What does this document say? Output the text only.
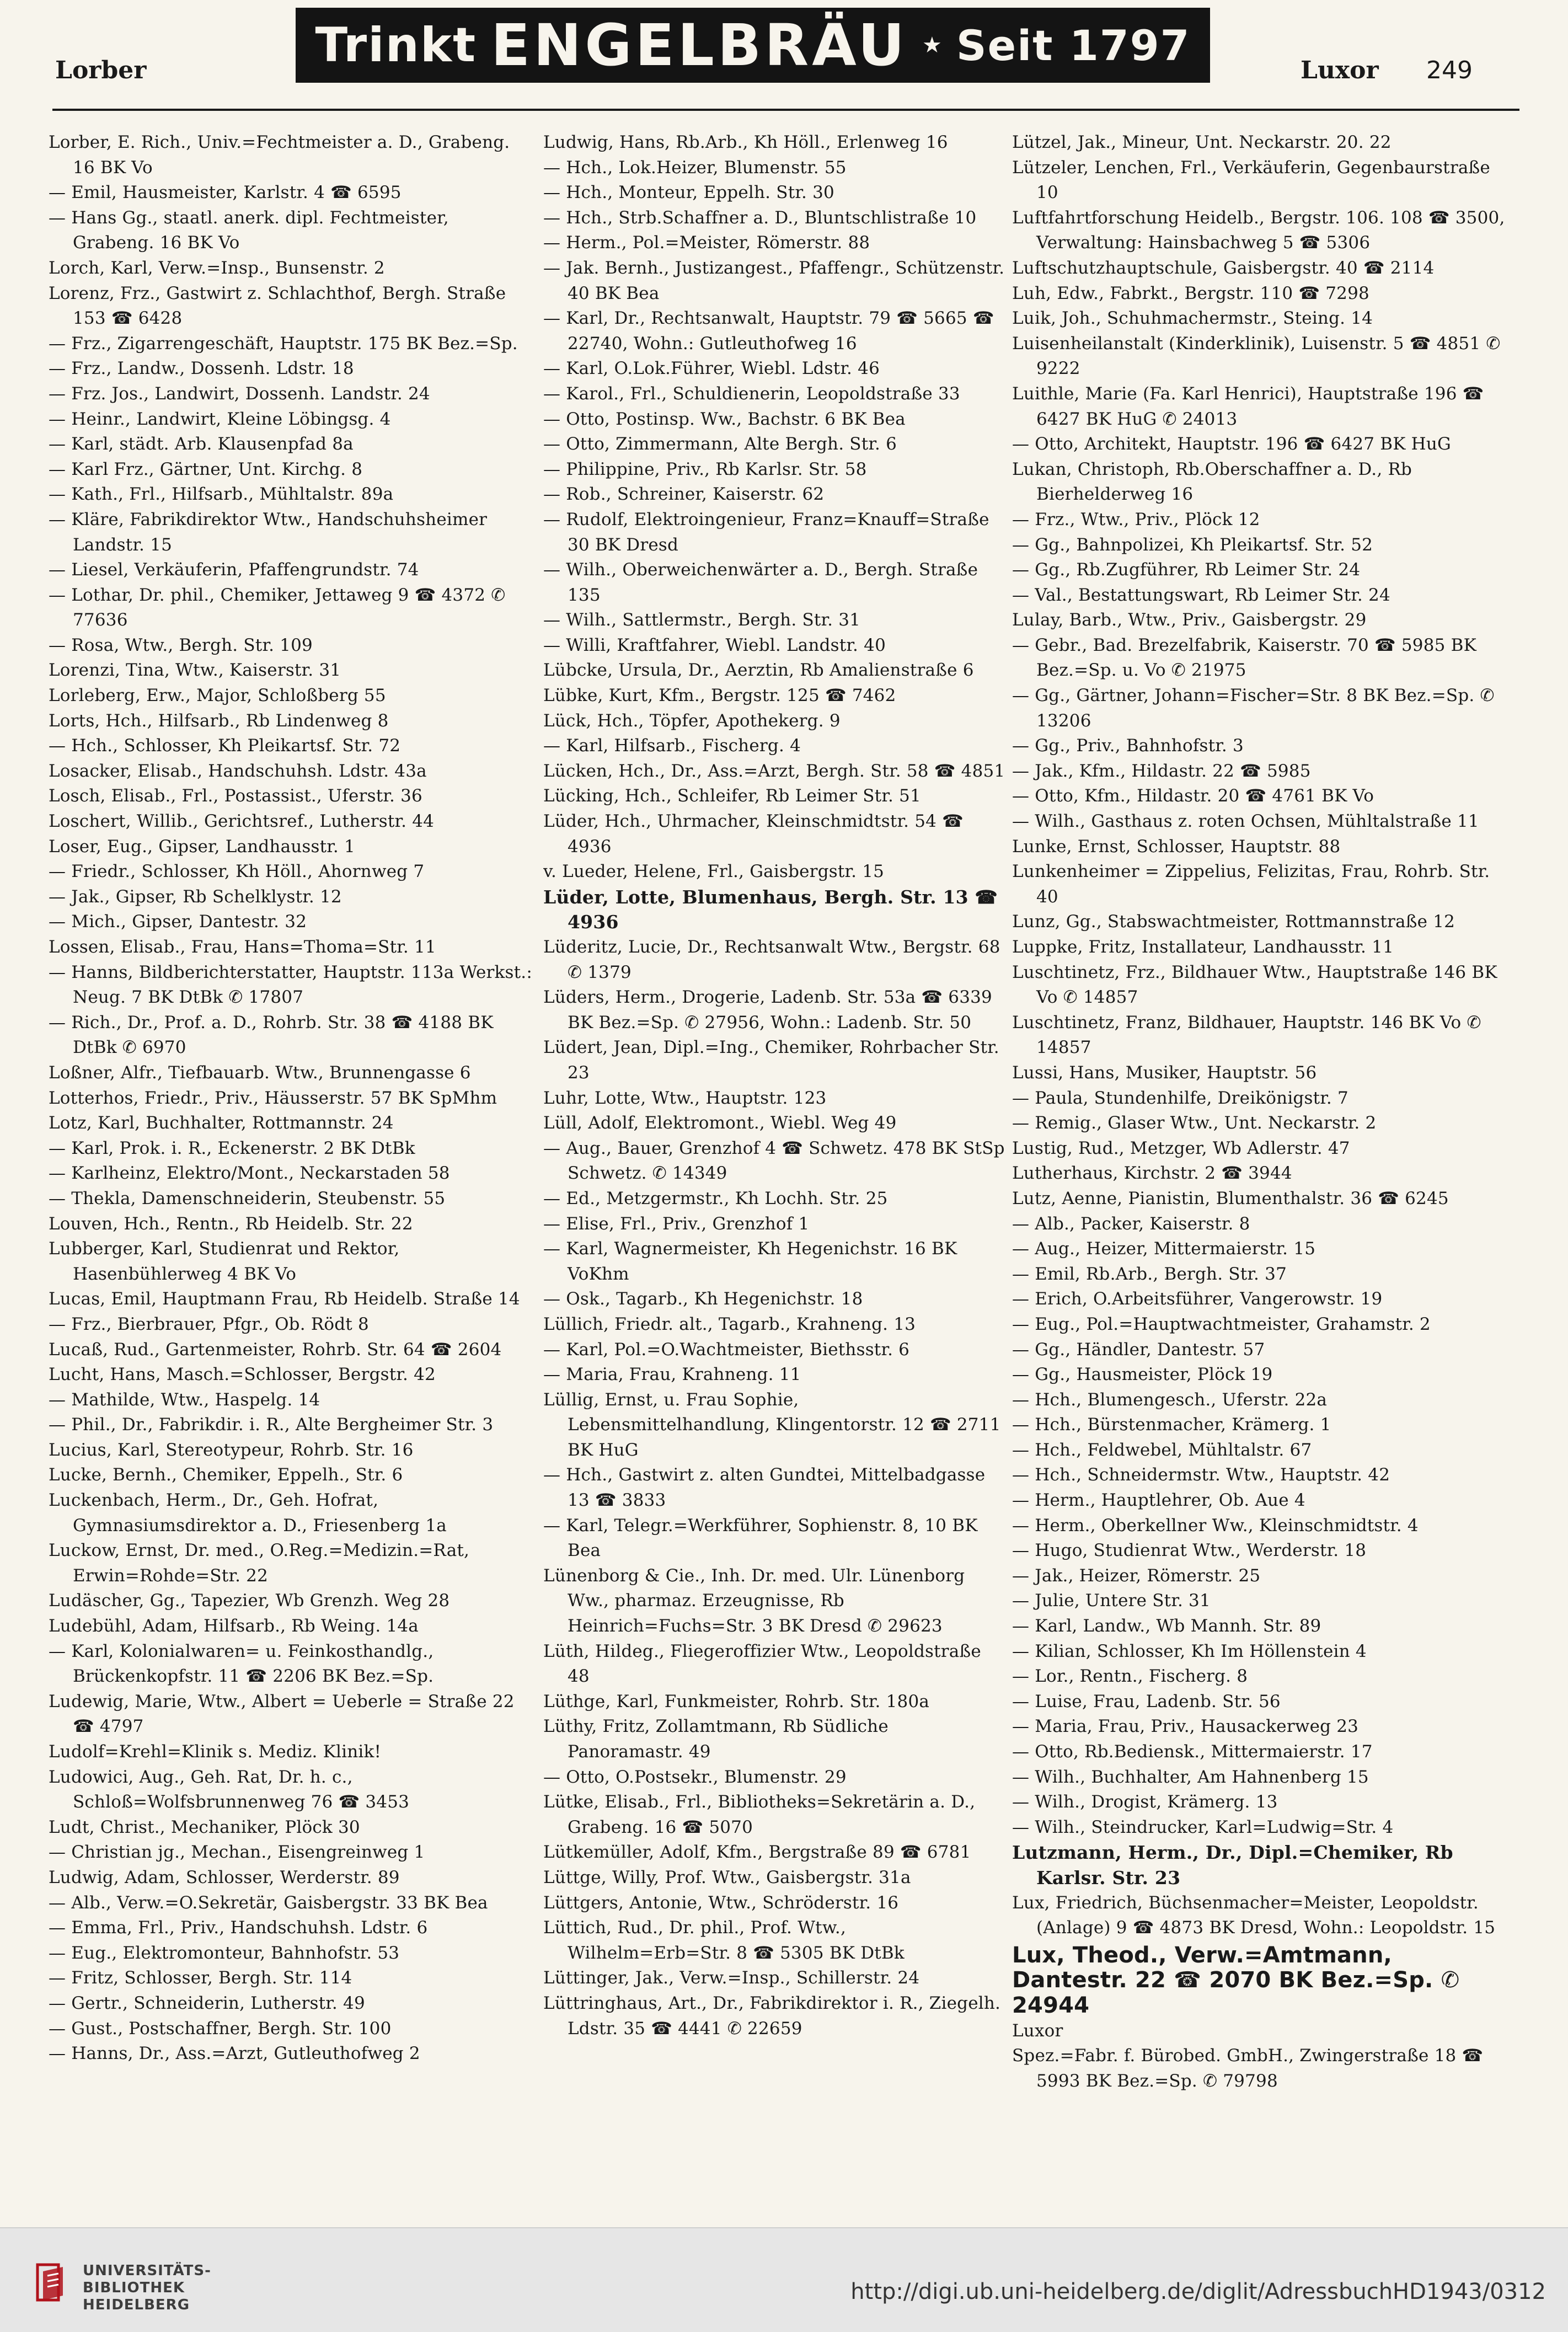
Trinkt ENGELBRÄU ★ Seit 1797
Lorber	Luxor 249

Lorber, E. Rich., Univ.=Fechtmeister a. D., Grabeng. 16 BK Vo

— Emil, Hausmeister, Karlstr. 4 ☎ 6595

— Hans Gg., staatl. anerk. dipl. Fechtmeister, Grabeng. 16 BK Vo

Lorch, Karl, Verw.=Insp., Bunsenstr. 2

Lorenz, Frz., Gastwirt z. Schlachthof, Bergh. Straße 153 ☎ 6428

— Frz., Zigarrengeschäft, Hauptstr. 175 BK Bez.=Sp.

— Frz., Landw., Dossenh. Ldstr. 18

— Frz. Jos., Landwirt, Dossenh. Landstr. 24

— Heinr., Landwirt, Kleine Löbingsg. 4

— Karl, städt. Arb. Klausenpfad 8a

— Karl Frz., Gärtner, Unt. Kirchg. 8

— Kath., Frl., Hilfsarb., Mühltalstr. 89a

— Kläre, Fabrikdirektor Wtw., Handschuhsheimer Landstr. 15

— Liesel, Verkäuferin, Pfaffengrundstr. 74

— Lothar, Dr. phil., Chemiker, Jettaweg 9 ☎ 4372 ✆ 77636

— Rosa, Wtw., Bergh. Str. 109

Lorenzi, Tina, Wtw., Kaiserstr. 31

Lorleberg, Erw., Major, Schloßberg 55

Lorts, Hch., Hilfsarb., Rb Lindenweg 8

— Hch., Schlosser, Kh Pleikartsf. Str. 72

Losacker, Elisab., Handschuhsh. Ldstr. 43a

Losch, Elisab., Frl., Postassist., Uferstr. 36

Loschert, Willib., Gerichtsref., Lutherstr. 44

Loser, Eug., Gipser, Landhausstr. 1

— Friedr., Schlosser, Kh Höll., Ahornweg 7

— Jak., Gipser, Rb Schelklystr. 12

— Mich., Gipser, Dantestr. 32

Lossen, Elisab., Frau, Hans=Thoma=Str. 11

— Hanns, Bildberichterstatter, Hauptstr. 113a Werkst.: Neug. 7 BK DtBk ✆ 17807

— Rich., Dr., Prof. a. D., Rohrb. Str. 38 ☎ 4188 BK DtBk ✆ 6970

Loßner, Alfr., Tiefbauarb. Wtw., Brunnengasse 6

Lotterhos, Friedr., Priv., Häusserstr. 57 BK SpMhm

Lotz, Karl, Buchhalter, Rottmannstr. 24

— Karl, Prok. i. R., Eckenerstr. 2 BK DtBk

— Karlheinz, Elektro/Mont., Neckarstaden 58

— Thekla, Damenschneiderin, Steubenstr. 55

Louven, Hch., Rentn., Rb Heidelb. Str. 22

Lubberger, Karl, Studienrat und Rektor, Hasenbühlerweg 4 BK Vo

Lucas, Emil, Hauptmann Frau, Rb Heidelb. Straße 14

— Frz., Bierbrauer, Pfgr., Ob. Rödt 8

Lucaß, Rud., Gartenmeister, Rohrb. Str. 64 ☎ 2604

Lucht, Hans, Masch.=Schlosser, Bergstr. 42

— Mathilde, Wtw., Haspelg. 14

— Phil., Dr., Fabrikdir. i. R., Alte Bergheimer Str. 3

Lucius, Karl, Stereotypeur, Rohrb. Str. 16

Lucke, Bernh., Chemiker, Eppelh., Str. 6

Luckenbach, Herm., Dr., Geh. Hofrat, Gymnasiumsdirektor a. D., Friesenberg 1a

Luckow, Ernst, Dr. med., O.Reg.=Medizin.=Rat, Erwin=Rohde=Str. 22

Ludäscher, Gg., Tapezier, Wb Grenzh. Weg 28

Ludebühl, Adam, Hilfsarb., Rb Weing. 14a

— Karl, Kolonialwaren= u. Feinkosthandlg., Brückenkopfstr. 11 ☎ 2206 BK Bez.=Sp.

Ludewig, Marie, Wtw., Albert = Ueberle = Straße 22 ☎ 4797

Ludolf=Krehl=Klinik s. Mediz. Klinik!

Ludowici, Aug., Geh. Rat, Dr. h. c., Schloß=Wolfsbrunnenweg 76 ☎ 3453

Ludt, Christ., Mechaniker, Plöck 30

— Christian jg., Mechan., Eisengreinweg 1

Ludwig, Adam, Schlosser, Werderstr. 89

— Alb., Verw.=O.Sekretär, Gaisbergstr. 33 BK Bea

— Emma, Frl., Priv., Handschuhsh. Ldstr. 6

— Eug., Elektromonteur, Bahnhofstr. 53

— Fritz, Schlosser, Bergh. Str. 114

— Gertr., Schneiderin, Lutherstr. 49

— Gust., Postschaffner, Bergh. Str. 100

— Hanns, Dr., Ass.=Arzt, Gutleuthofweg 2

Ludwig, Hans, Rb.Arb., Kh Höll., Erlenweg 16

— Hch., Lok.Heizer, Blumenstr. 55

— Hch., Monteur, Eppelh. Str. 30

— Hch., Strb.Schaffner a. D., Bluntschlistraße 10

— Herm., Pol.=Meister, Römerstr. 88

— Jak. Bernh., Justizangest., Pfaffengr., Schützenstr. 40 BK Bea

— Karl, Dr., Rechtsanwalt, Hauptstr. 79 ☎ 5665 ☎ 22740, Wohn.: Gutleuthofweg 16

— Karl, O.Lok.Führer, Wiebl. Ldstr. 46

— Karol., Frl., Schuldienerin, Leopoldstraße 33

— Otto, Postinsp. Ww., Bachstr. 6 BK Bea

— Otto, Zimmermann, Alte Bergh. Str. 6

— Philippine, Priv., Rb Karlsr. Str. 58

— Rob., Schreiner, Kaiserstr. 62

— Rudolf, Elektroingenieur, Franz=Knauff=Straße 30 BK Dresd

— Wilh., Oberweichenwärter a. D., Bergh. Straße 135

— Wilh., Sattlermstr., Bergh. Str. 31

— Willi, Kraftfahrer, Wiebl. Landstr. 40

Lübcke, Ursula, Dr., Aerztin, Rb Amalienstraße 6

Lübke, Kurt, Kfm., Bergstr. 125 ☎ 7462

Lück, Hch., Töpfer, Apothekerg. 9

— Karl, Hilfsarb., Fischerg. 4

Lücken, Hch., Dr., Ass.=Arzt, Bergh. Str. 58 ☎ 4851

Lücking, Hch., Schleifer, Rb Leimer Str. 51

Lüder, Hch., Uhrmacher, Kleinschmidtstr. 54 ☎ 4936

v. Lueder, Helene, Frl., Gaisbergstr. 15

Lüder, Lotte, Blumenhaus, Bergh. Str. 13 ☎ 4936

Lüderitz, Lucie, Dr., Rechtsanwalt Wtw., Bergstr. 68 ✆ 1379

Lüders, Herm., Drogerie, Ladenb. Str. 53a ☎ 6339 BK Bez.=Sp. ✆ 27956, Wohn.: Ladenb. Str. 50

Lüdert, Jean, Dipl.=Ing., Chemiker, Rohrbacher Str. 23

Luhr, Lotte, Wtw., Hauptstr. 123

Lüll, Adolf, Elektromont., Wiebl. Weg 49

— Aug., Bauer, Grenzhof 4 ☎ Schwetz. 478 BK StSp Schwetz. ✆ 14349

— Ed., Metzgermstr., Kh Lochh. Str. 25

— Elise, Frl., Priv., Grenzhof 1

— Karl, Wagnermeister, Kh Hegenichstr. 16 BK VoKhm

— Osk., Tagarb., Kh Hegenichstr. 18

Lüllich, Friedr. alt., Tagarb., Krahneng. 13

— Karl, Pol.=O.Wachtmeister, Biethsstr. 6

— Maria, Frau, Krahneng. 11

Lüllig, Ernst, u. Frau Sophie, Lebensmittelhandlung, Klingentorstr. 12 ☎ 2711 BK HuG

— Hch., Gastwirt z. alten Gundtei, Mittelbadgasse 13 ☎ 3833

— Karl, Telegr.=Werkführer, Sophienstr. 8, 10 BK Bea

Lünenborg & Cie., Inh. Dr. med. Ulr. Lünenborg Ww., pharmaz. Erzeugnisse, Rb Heinrich=Fuchs=Str. 3 BK Dresd ✆ 29623

Lüth, Hildeg., Fliegeroffizier Wtw., Leopoldstraße 48

Lüthge, Karl, Funkmeister, Rohrb. Str. 180a

Lüthy, Fritz, Zollamtmann, Rb Südliche Panoramastr. 49

— Otto, O.Postsekr., Blumenstr. 29

Lütke, Elisab., Frl., Bibliotheks=Sekretärin a. D., Grabeng. 16 ☎ 5070

Lütkemüller, Adolf, Kfm., Bergstraße 89 ☎ 6781

Lüttge, Willy, Prof. Wtw., Gaisbergstr. 31a

Lüttgers, Antonie, Wtw., Schröderstr. 16

Lüttich, Rud., Dr. phil., Prof. Wtw., Wilhelm=Erb=Str. 8 ☎ 5305 BK DtBk

Lüttinger, Jak., Verw.=Insp., Schillerstr. 24

Lüttringhaus, Art., Dr., Fabrikdirektor i. R., Ziegelh. Ldstr. 35 ☎ 4441 ✆ 22659

Lützel, Jak., Mineur, Unt. Neckarstr. 20. 22

Lützeler, Lenchen, Frl., Verkäuferin, Gegenbaurstraße 10

Luftfahrtforschung Heidelb., Bergstr. 106. 108 ☎ 3500, Verwaltung: Hainsbachweg 5 ☎ 5306

Luftschutzhauptschule, Gaisbergstr. 40 ☎ 2114

Luh, Edw., Fabrkt., Bergstr. 110 ☎ 7298

Luik, Joh., Schuhmachermstr., Steing. 14

Luisenheilanstalt (Kinderklinik), Luisenstr. 5 ☎ 4851 ✆ 9222

Luithle, Marie (Fa. Karl Henrici), Hauptstraße 196 ☎ 6427 BK HuG ✆ 24013

— Otto, Architekt, Hauptstr. 196 ☎ 6427 BK HuG

Lukan, Christoph, Rb.Oberschaffner a. D., Rb Bierhelderweg 16

— Frz., Wtw., Priv., Plöck 12

— Gg., Bahnpolizei, Kh Pleikartsf. Str. 52

— Gg., Rb.Zugführer, Rb Leimer Str. 24

— Val., Bestattungswart, Rb Leimer Str. 24

Lulay, Barb., Wtw., Priv., Gaisbergstr. 29

— Gebr., Bad. Brezelfabrik, Kaiserstr. 70 ☎ 5985 BK Bez.=Sp. u. Vo ✆ 21975

— Gg., Gärtner, Johann=Fischer=Str. 8 BK Bez.=Sp. ✆ 13206

— Gg., Priv., Bahnhofstr. 3

— Jak., Kfm., Hildastr. 22 ☎ 5985

— Otto, Kfm., Hildastr. 20 ☎ 4761 BK Vo

— Wilh., Gasthaus z. roten Ochsen, Mühltalstraße 11

Lunke, Ernst, Schlosser, Hauptstr. 88

Lunkenheimer = Zippelius, Felizitas, Frau, Rohrb. Str. 40

Lunz, Gg., Stabswachtmeister, Rottmannstraße 12

Luppke, Fritz, Installateur, Landhausstr. 11

Luschtinetz, Frz., Bildhauer Wtw., Hauptstraße 146 BK Vo ✆ 14857

Luschtinetz, Franz, Bildhauer, Hauptstr. 146 BK Vo ✆ 14857

Lussi, Hans, Musiker, Hauptstr. 56

— Paula, Stundenhilfe, Dreikönigstr. 7

— Remig., Glaser Wtw., Unt. Neckarstr. 2

Lustig, Rud., Metzger, Wb Adlerstr. 47

Lutherhaus, Kirchstr. 2 ☎ 3944

Lutz, Aenne, Pianistin, Blumenthalstr. 36 ☎ 6245

— Alb., Packer, Kaiserstr. 8

— Aug., Heizer, Mittermaierstr. 15

— Emil, Rb.Arb., Bergh. Str. 37

— Erich, O.Arbeitsführer, Vangerowstr. 19

— Eug., Pol.=Hauptwachtmeister, Grahamstr. 2

— Gg., Händler, Dantestr. 57

— Gg., Hausmeister, Plöck 19

— Hch., Blumengesch., Uferstr. 22a

— Hch., Bürstenmacher, Krämerg. 1

— Hch., Feldwebel, Mühltalstr. 67

— Hch., Schneidermstr. Wtw., Hauptstr. 42

— Herm., Hauptlehrer, Ob. Aue 4

— Herm., Oberkellner Ww., Kleinschmidtstr. 4

— Hugo, Studienrat Wtw., Werderstr. 18

— Jak., Heizer, Römerstr. 25

— Julie, Untere Str. 31

— Karl, Landw., Wb Mannh. Str. 89

— Kilian, Schlosser, Kh Im Höllenstein 4

— Lor., Rentn., Fischerg. 8

— Luise, Frau, Ladenb. Str. 56

— Maria, Frau, Priv., Hausackerweg 23

— Otto, Rb.Bediensk., Mittermaierstr. 17

— Wilh., Buchhalter, Am Hahnenberg 15

— Wilh., Drogist, Krämerg. 13

— Wilh., Steindrucker, Karl=Ludwig=Str. 4

Lutzmann, Herm., Dr., Dipl.=Chemiker, Rb Karlsr. Str. 23

Lux, Friedrich, Büchsenmacher=Meister, Leopoldstr. (Anlage) 9 ☎ 4873 BK Dresd, Wohn.: Leopoldstr. 15

Lux, Theod., Verw.=Amtmann, Dantestr. 22 ☎ 2070 BK Bez.=Sp. ✆ 24944

Luxor

Spez.=Fabr. f. Bürobed. GmbH., Zwingerstraße 18 ☎ 5993 BK Bez.=Sp. ✆ 79798

UNIVERSITÄTS-
BIBLIOTHEK
HEIDELBERG
http://digi.ub.uni-heidelberg.de/diglit/AdressbuchHD1943/0312
